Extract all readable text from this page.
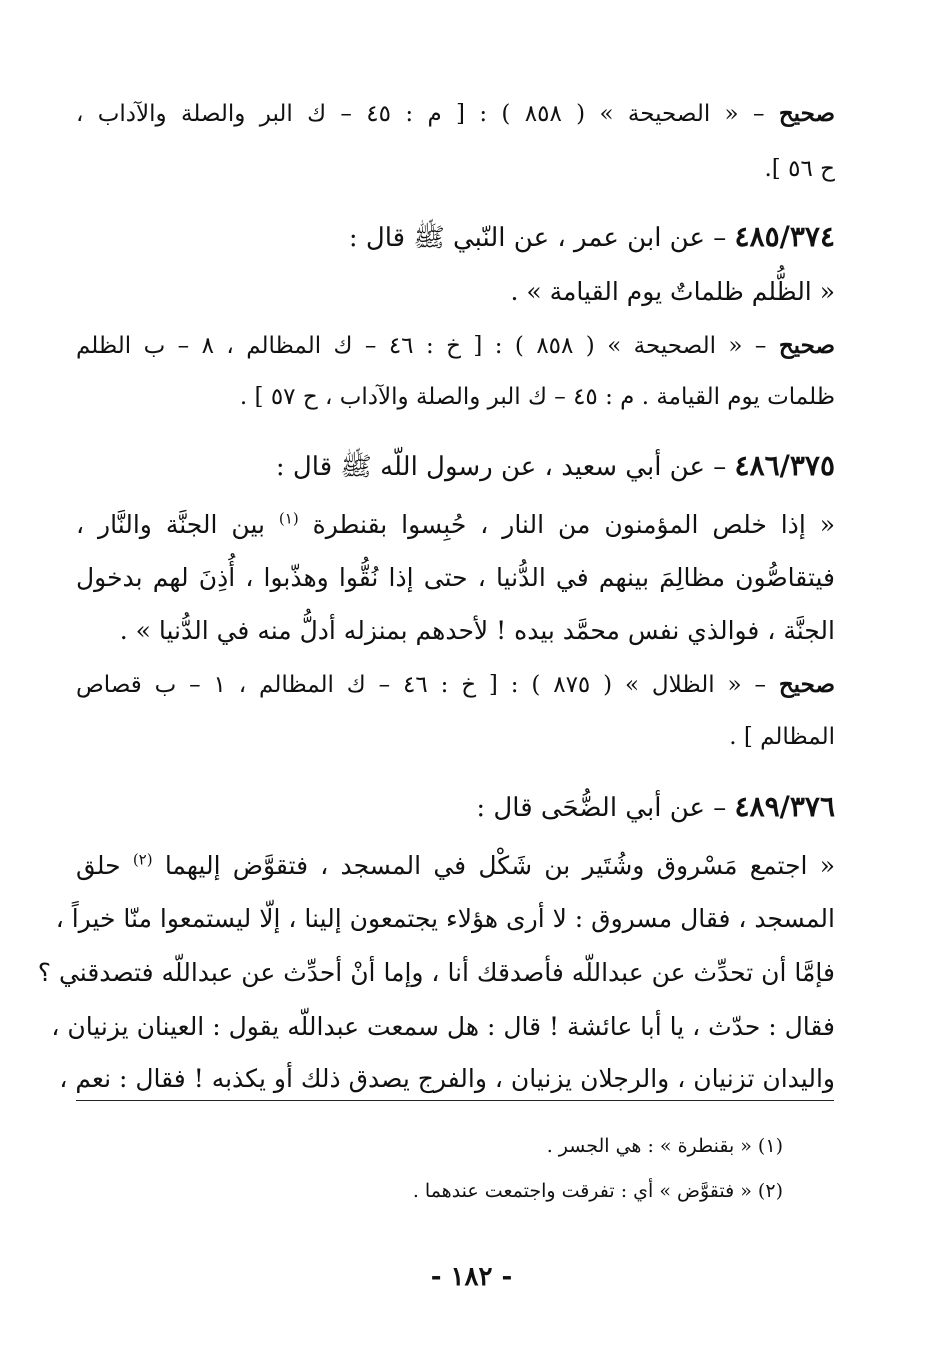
صحيح – « الصحيحة » ( ٨٥٨ ) : [ م : ٤٥ – ك البر والصلة والآداب ،
ح ٥٦ ].
٤٨٥/٣٧٤ – عن ابن عمر ، عن النّبي ﷺ قال :
« الظُّلم ظلماتٌ يوم القيامة » .
صحيح – « الصحيحة » ( ٨٥٨ ) : [ خ : ٤٦ – ك المظالم ، ٨ – ب الظلم
ظلمات يوم القيامة . م : ٤٥ – ك البر والصلة والآداب ، ح ٥٧ ] .
٤٨٦/٣٧٥ – عن أبي سعيد ، عن رسول اللّه ﷺ قال :
« إذا خلص المؤمنون من النار ، حُبِسوا بقنطرة $^{(١)}$ بين الجنَّة والنَّار ،
فيتقاصُّون مظالِمَ بينهم في الدُّنيا ، حتى إذا نُقُّوا وهذّبوا ، أُذِنَ لهم بدخول
الجنَّة ، فوالذي نفس محمَّد بيده ! لأحدهم بمنزله أدلُّ منه في الدُّنيا » .
صحيح – « الظلال » ( ٨٧٥ ) : [ خ : ٤٦ – ك المظالم ، ١ – ب قصاص
المظالم ] .
٤٨٩/٣٧٦ – عن أبي الضُّحَى قال :
« اجتمع مَسْروق وشُتَير بن شَكْل في المسجد ، فتقوَّض إليهما $^{(٢)}$ حلق
المسجد ، فقال مسروق : لا أرى هؤلاء يجتمعون إلينا ، إلّا ليستمعوا منّا خيراً ،
فإمَّا أن تحدِّث عن عبداللّه فأصدقك أنا ، وإما أنْ أحدِّث عن عبداللّه فتصدقني ؟
فقال : حدّث ، يا أبا عائشة ! قال : هل سمعت عبداللّه يقول : العينان يزنيان ،
واليدان تزنيان ، والرجلان يزنيان ، والفرج يصدق ذلك أو يكذبه ! فقال : نعم ،
(١) « بقنطرة » : هي الجسر .
(٢) « فتقوَّض » أي : تفرقت واجتمعت عندهما .
- ١٨٢ -
